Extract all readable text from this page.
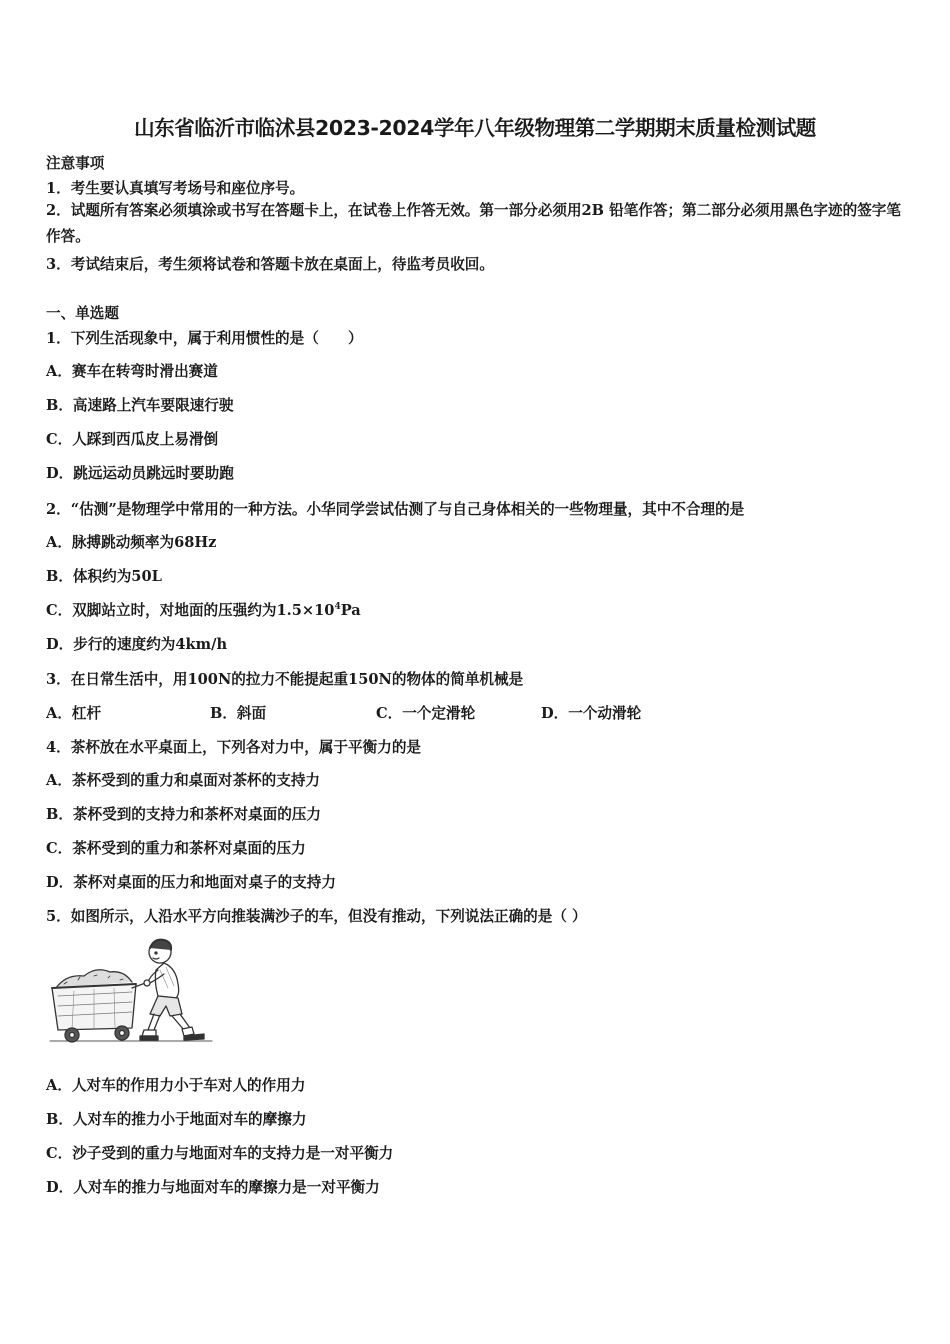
山东省临沂市临沭县2023-2024学年八年级物理第二学期期末质量检测试题
注意事项
1．考生要认真填写考场号和座位序号。
2．试题所有答案必须填涂或书写在答题卡上，在试卷上作答无效。第一部分必须用2B 铅笔作答；第二部分必须用黑色字迹的签字笔作答。
3．考试结束后，考生须将试卷和答题卡放在桌面上，待监考员收回。
一、单选题
1．下列生活现象中，属于利用惯性的是（　　）
A．赛车在转弯时滑出赛道
B．高速路上汽车要限速行驶
C．人踩到西瓜皮上易滑倒
D．跳远运动员跳远时要助跑
2．“估测”是物理学中常用的一种方法。小华同学尝试估测了与自己身体相关的一些物理量，其中不合理的是
A．脉搏跳动频率为68Hz
B．体积约为50L
C．双脚站立时，对地面的压强约为$1.5\times 10^4Pa$
D．步行的速度约为4km/h
3．在日常生活中，用100N的拉力不能提起重150N的物体的简单机械是
A．杠杆	B．斜面	C．一个定滑轮	D．一个动滑轮
4．茶杯放在水平桌面上，下列各对力中，属于平衡力的是
A．茶杯受到的重力和桌面对茶杯的支持力
B．茶杯受到的支持力和茶杯对桌面的压力
C．茶杯受到的重力和茶杯对桌面的压力
D．茶杯对桌面的压力和地面对桌子的支持力
5．如图所示，人沿水平方向推装满沙子的车，但没有推动，下列说法正确的是（ ）
A．人对车的作用力小于车对人的作用力
B．人对车的推力小于地面对车的摩擦力
C．沙子受到的重力与地面对车的支持力是一对平衡力
D．人对车的推力与地面对车的摩擦力是一对平衡力
